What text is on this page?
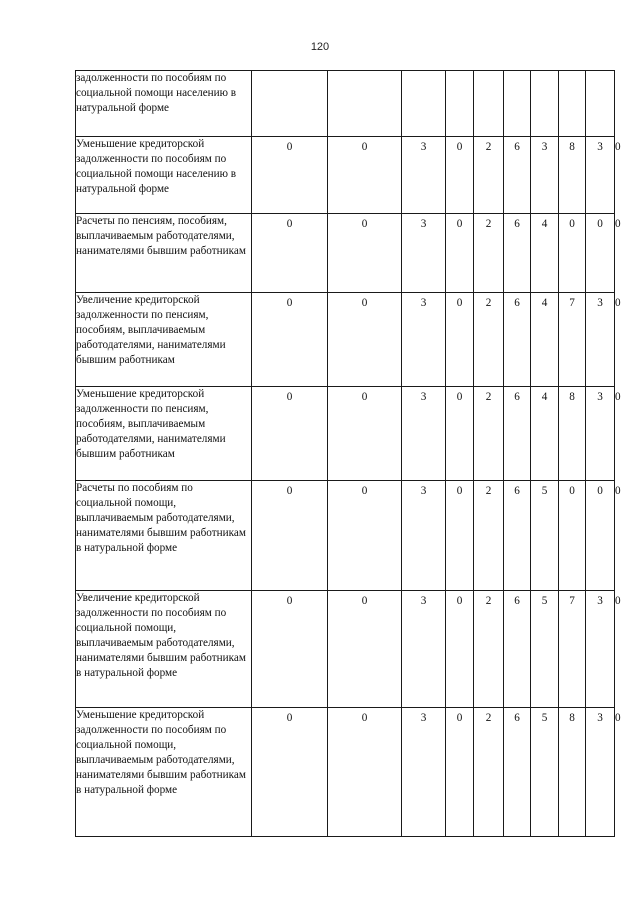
120
задолженности по пособиям по социальной помощи населению в натуральной форме										
Уменьшение кредиторской задолженности по пособиям по социальной помощи населению в натуральной форме	0	0	3	0	2	6	3	8	3	0
Расчеты по пенсиям, пособиям, выплачиваемым работодателями, нанимателями бывшим работникам	0	0	3	0	2	6	4	0	0	0
Увеличение кредиторской задолженности по пенсиям, пособиям, выплачиваемым работодателями, нанимателями бывшим работникам	0	0	3	0	2	6	4	7	3	0
Уменьшение кредиторской задолженности по пенсиям, пособиям, выплачиваемым работодателями, нанимателями бывшим работникам	0	0	3	0	2	6	4	8	3	0
Расчеты по пособиям по социальной помощи, выплачиваемым работодателями, нанимателями бывшим работникам в натуральной форме	0	0	3	0	2	6	5	0	0	0
Увеличение кредиторской задолженности по пособиям по социальной помощи, выплачиваемым работодателями, нанимателями бывшим работникам в натуральной форме	0	0	3	0	2	6	5	7	3	0
Уменьшение кредиторской задолженности по пособиям по социальной помощи, выплачиваемым работодателями, нанимателями бывшим работникам в натуральной форме	0	0	3	0	2	6	5	8	3	0
